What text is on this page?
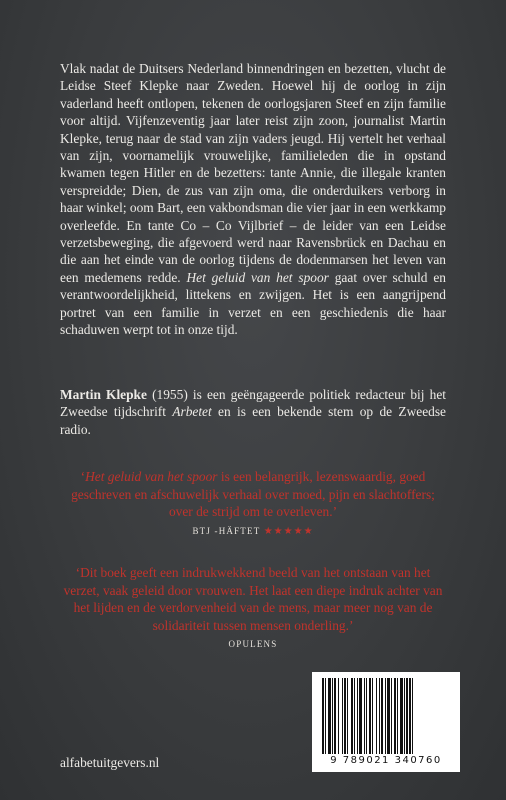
Vlak nadat de Duitsers Nederland binnendringen en bezetten, vlucht de Leidse Steef Klepke naar Zweden. Hoewel hij de oorlog in zijn vaderland heeft ontlopen, tekenen de oorlogsjaren Steef en zijn familie voor altijd. Vijfenzeventig jaar later reist zijn zoon, journalist Martin Klepke, terug naar de stad van zijn vaders jeugd. Hij vertelt het verhaal van zijn, voornamelijk vrouwelijke, familieleden die in opstand kwamen tegen Hitler en de bezetters: tante Annie, die illegale kranten verspreidde; Dien, de zus van zijn oma, die onderduikers verborg in haar winkel; oom Bart, een vakbondsman die vier jaar in een werkkamp overleefde. En tante Co – Co Vijlbrief – de leider van een Leidse verzetsbeweging, die afgevoerd werd naar Ravensbrück en Dachau en die aan het einde van de oorlog tijdens de dodenmarsen het leven van een medemens redde. Het geluid van het spoor gaat over schuld en verantwoordelijkheid, littekens en zwijgen. Het is een aangrijpend portret van een familie in verzet en een geschiedenis die haar schaduwen werpt tot in onze tijd.

Martin Klepke (1955) is een geëngageerde politiek redacteur bij het Zweedse tijdschrift Arbetet en is een bekende stem op de Zweedse radio.

‘Het geluid van het spoor is een belangrijk, lezenswaardig, goed geschreven en afschuwelijk verhaal over moed, pijn en slachtoffers; over de strijd om te overleven.’
BTJ -HÄFTET ★★★★★

‘Dit boek geeft een indrukwekkend beeld van het ontstaan van het verzet, vaak geleid door vrouwen. Het laat een diepe indruk achter van het lijden en de verdorvenheid van de mens, maar meer nog van de solidariteit tussen mensen onderling.’
OPULENS

alfabetuitgevers.nl	9 789021 340760
